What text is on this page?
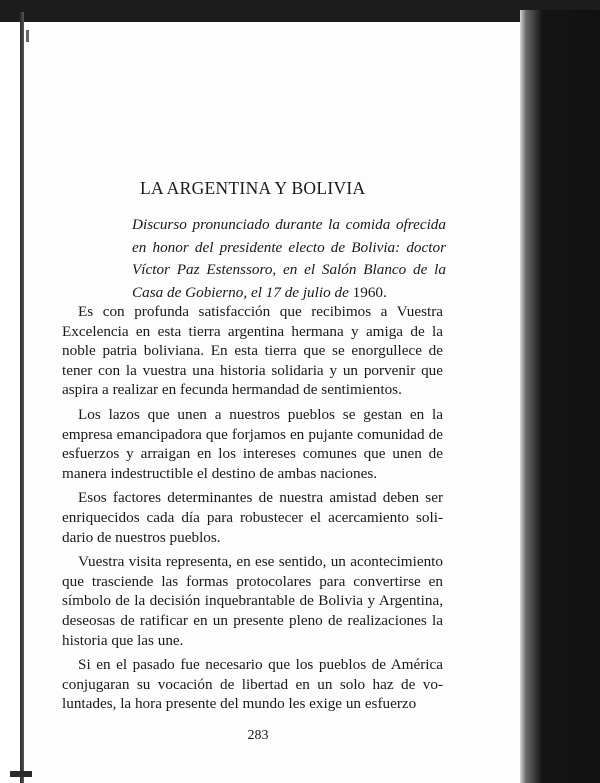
LA ARGENTINA Y BOLIVIA
Discurso pronunciado durante la comida ofrecida en honor del presidente electo de Bolivia: doctor Víctor Paz Estenssoro, en el Salón Blanco de la Casa de Gobierno, el 17 de julio de 1960.

Es con profunda satisfacción que recibimos a Vuestra Excelencia en esta tierra argentina hermana y amiga de la noble patria boliviana. En esta tierra que se enorgullece de tener con la vuestra una historia solidaria y un porvenir que aspira a realizar en fecunda hermandad de sentimientos.

Los lazos que unen a nuestros pueblos se gestan en la empresa emancipadora que forjamos en pujante comunidad de esfuerzos y arraigan en los intereses comunes que unen de manera indestructible el destino de ambas naciones.

Esos factores determinantes de nuestra amistad deben ser enriquecidos cada día para robustecer el acercamiento solidario de nuestros pueblos.

Vuestra visita representa, en ese sentido, un acontecimiento que trasciende las formas protocolares para convertirse en símbolo de la decisión inquebrantable de Bolivia y Argentina, deseosas de ratificar en un presente pleno de realizaciones la historia que las une.

Si en el pasado fue necesario que los pueblos de América conjugaran su vocación de libertad en un solo haz de voluntades, la hora presente del mundo les exige un esfuerzo

283
